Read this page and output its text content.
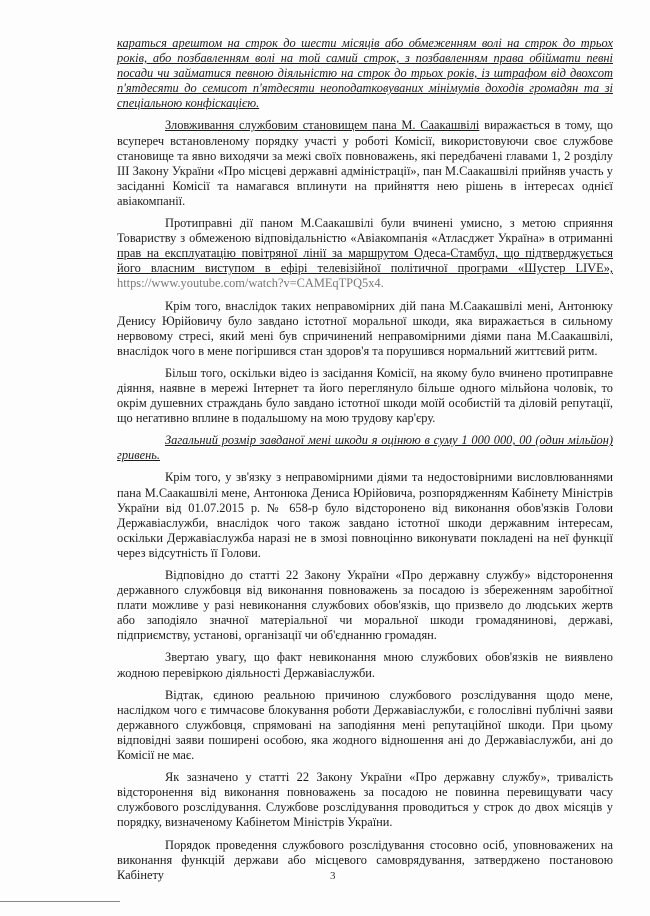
караться арештом на строк до шести місяців або обмеженням волі на строк до трьох років, або позбавленням волі на той самий строк, з позбавленням права обіймати певні посади чи займатися певною діяльністю на строк до трьох років, із штрафом від двохсот п'ятдесяти до семисот п'ятдесяти неоподатковуваних мінімумів доходів громадян та зі спеціальною конфіскацією.

Зловживання службовим становищем пана М. Саакашвілі виражається в тому, що всупереч встановленому порядку участі у роботі Комісії, використовуючи своє службове становище та явно виходячи за межі своїх повноважень, які передбачені главами 1, 2 розділу ІІІ Закону України «Про місцеві державні адміністрації», пан М.Саакашвілі прийняв участь у засіданні Комісії та намагався вплинути на прийняття нею рішень в інтересах однієї авіакомпанії.

Протиправні дії паном М.Саакашвілі були вчинені умисно, з метою сприяння Товариству з обмеженою відповідальністю «Авіакомпанія «Атласджет Україна» в отриманні прав на експлуатацію повітряної лінії за маршрутом Одеса-Стамбул, що підтверджується його власним виступом в ефірі телевізійної політичної програми «Шустер LIVE», https://www.youtube.com/watch?v=CAMEqTPQ5x4.

Крім того, внаслідок таких неправомірних дій пана М.Саакашвілі мені, Антонюку Денису Юрійовичу було завдано істотної моральної шкоди, яка виражається в сильному нервовому стресі, який мені був спричинений неправомірними діями пана М.Саакашвілі, внаслідок чого в мене погіршився стан здоров'я та порушився нормальний життєвий ритм.

Більш того, оскільки відео із засідання Комісії, на якому було вчинено протиправне діяння, наявне в мережі Інтернет та його переглянуло більше одного мільйона чоловік, то окрім душевних страждань було завдано істотної шкоди моїй особистій та діловій репутації, що негативно вплине в подальшому на мою трудову кар'єру.

Загальний розмір завданої мені шкоди я оцінюю в суму 1 000 000, 00 (один мільйон) гривень.

Крім того, у зв'язку з неправомірними діями та недостовірними висловлюваннями пана М.Саакашвілі мене, Антонюка Дениса Юрійовича, розпорядженням Кабінету Міністрів України від 01.07.2015 р. № 658-р було відсторонено від виконання обов'язків Голови Державіаслужби, внаслідок чого також завдано істотної шкоди державним інтересам, оскільки Державіаслужба наразі не в змозі повноцінно виконувати покладені на неї функції через відсутність її Голови.

Відповідно до статті 22 Закону України «Про державну службу» відсторонення державного службовця від виконання повноважень за посадою із збереженням заробітної плати можливе у разі невиконання службових обов'язків, що призвело до людських жертв або заподіяло значної матеріальної чи моральної шкоди громадянинові, державі, підприємству, установі, організації чи об'єднанню громадян.

Звертаю увагу, що факт невиконання мною службових обов'язків не виявлено жодною перевіркою діяльності Державіаслужби.

Відтак, єдиною реальною причиною службового розслідування щодо мене, наслідком чого є тимчасове блокування роботи Державіаслужби, є голослівні публічні заяви державного службовця, спрямовані на заподіяння мені репутаційної шкоди. При цьому відповідні заяви поширені особою, яка жодного відношення ані до Державіаслужби, ані до Комісії не має.

Як зазначено у статті 22 Закону України «Про державну службу», тривалість відсторонення від виконання повноважень за посадою не повинна перевищувати часу службового розслідування. Службове розслідування проводиться у строк до двох місяців у порядку, визначеному Кабінетом Міністрів України.

Порядок проведення службового розслідування стосовно осіб, уповноважених на виконання функцій держави або місцевого самоврядування, затверджено постановою Кабінету	3
